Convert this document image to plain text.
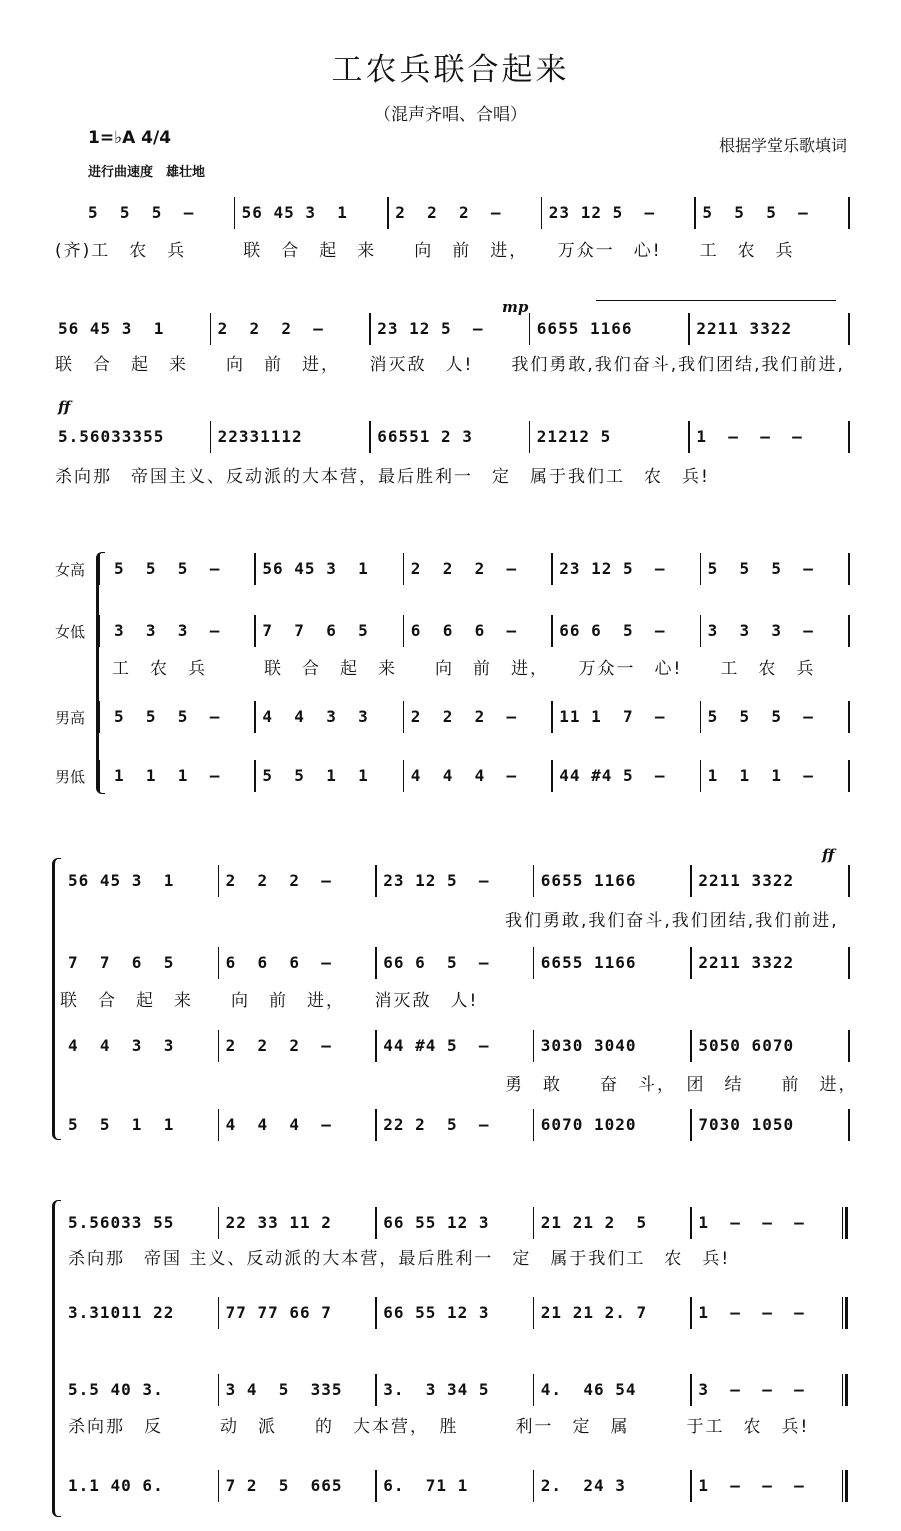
工农兵联合起来
（混声齐唱、合唱）
1=♭A 4/4	根据学堂乐歌填词
进行曲速度　雄壮地
5  5  5  –	56 45 3  1	2  2  2  –	23 12 5  –	5  5  5  –
(齐)工　农　兵　　　联　合　起　来　　向　前　进，　　万众一　心!　　工　农　兵
mp
56 45 3  1	2  2  2  –	23 12 5  –	6655 1166	2211 3322
联　合　起　来　　向　前　进，　　消灭敌　人!　　我们勇敢,我们奋斗,我们团结,我们前进,
ff
5.56033355	22331112	66551 2 3	21212 5	1  –  –  –
杀向那　帝国主义、反动派的大本营，最后胜利一　定　属于我们工　农　兵!
女高 5  5  5  –	56 45 3  1	2  2  2  –	23 12 5  –	5  5  5  –
女低 3  3  3  –	7  7  6  5	6  6  6  –	66 6  5  –	3  3  3  –
男高 5  5  5  –	4  4  3  3	2  2  2  –	11 1  7  –	5  5  5  –
男低 1  1  1  –	5  5  1  1	4  4  4  –	44 #4 5  –	1  1  1  –
工　农　兵　　　联　合　起　来　　向　前　进，　　万众一　心!　　工　农　兵
ff
56 45 3  1	2  2  2  –	23 12 5  –	6655 1166	2211 3322
我们勇敢,我们奋斗,我们团结,我们前进,
7  7  6  5	6  6  6  –	66 6  5  –	6655 1166	2211 3322
联　合　起　来　　向　前　进，　　消灭敌　人!
4  4  3  3	2  2  2  –	44 #4 5  –	3030 3040	5050 6070
勇　敢　　奋　斗，　团　结　　前　进，
5  5  1  1	4  4  4  –	22 2  5  –	6070 1020	7030 1050
5.56033 55	22 33 11 2	66 55 12 3	21 21 2  5	1  –  –  –
杀向那　帝国 主义、反动派的大本营，最后胜利一　定　属于我们工　农　兵!
3.31011 22	77 77 66 7	66 55 12 3	21 21 2. 7	1  –  –  –
5.5 40 3.	3 4  5  335	3.  3 34 5	4.  46 54	3  –  –  –
杀向那　反　　　动　派　　的　大本营，　胜　　　利一　定　属　　　于工　农　兵!
1.1 40 6.	7 2  5  665	6.  71 1	2.  24 3	1  –  –  –
